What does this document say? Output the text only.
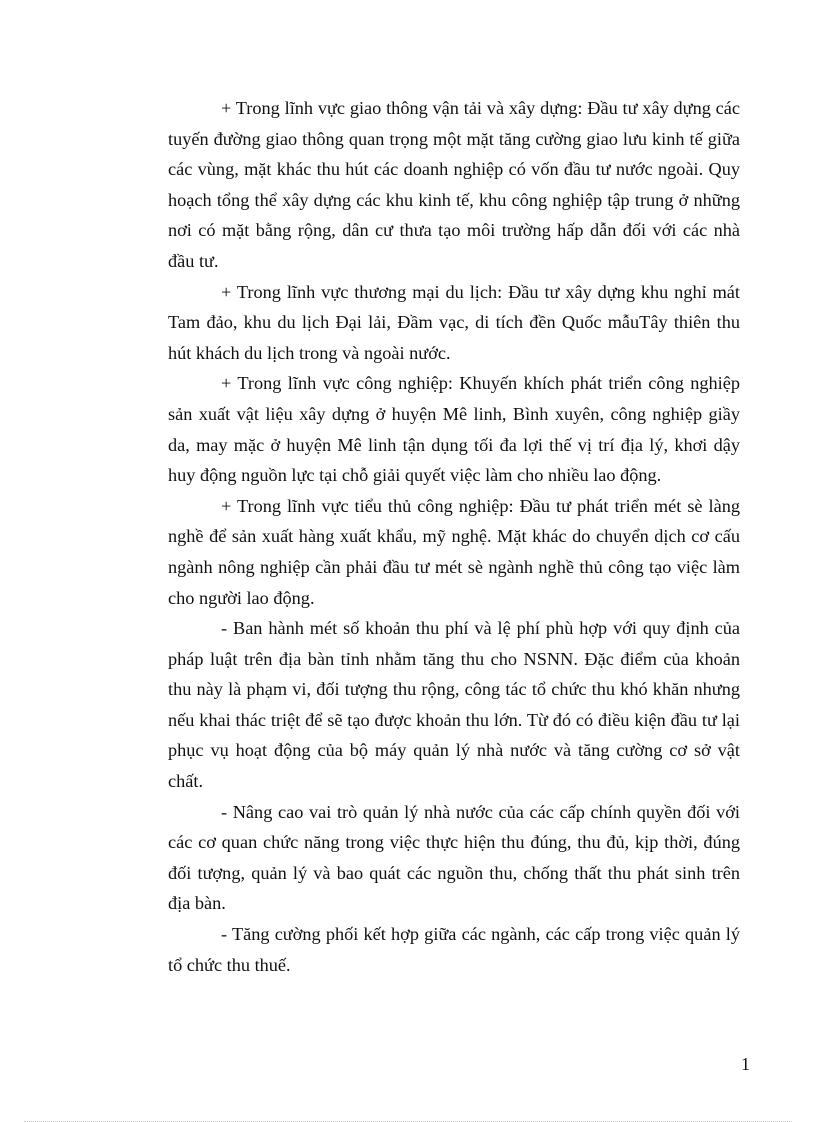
+ Trong lĩnh vực giao thông vận tải và xây dựng: Đầu tư xây dựng các tuyến đường giao thông quan trọng một mặt tăng cường giao lưu kinh tế giữa các vùng, mặt khác thu hút các doanh nghiệp có vốn đầu tư nước ngoài. Quy hoạch tổng thể xây dựng các khu kinh tế, khu công nghiệp tập trung ở những nơi có mặt bằng rộng, dân cư thưa tạo môi trường hấp dẫn đối với các nhà đầu tư.

+ Trong lĩnh vực thương mại du lịch: Đầu tư xây dựng khu nghỉ mát Tam đảo, khu du lịch Đại lải, Đầm vạc, di tích đền Quốc mẫuTây thiên thu hút khách du lịch trong và ngoài nước.

+ Trong lĩnh vực công nghiệp: Khuyến khích phát triển công nghiệp sản xuất vật liệu xây dựng ở huyện Mê linh, Bình xuyên, công nghiệp giầy da, may mặc ở huyện Mê linh tận dụng tối đa lợi thế vị trí địa lý, khơi dậy huy động nguồn lực tại chỗ giải quyết việc làm cho nhiều lao động.

+ Trong lĩnh vực tiểu thủ công nghiệp: Đầu tư phát triển mét sè làng nghề để sản xuất hàng xuất khẩu, mỹ nghệ. Mặt khác do chuyển dịch cơ cấu ngành nông nghiệp cần phải đầu tư mét sè ngành nghề thủ công tạo việc làm cho người lao động.

- Ban hành mét số khoản thu phí và lệ phí phù hợp với quy định của pháp luật trên địa bàn tỉnh nhằm tăng thu cho NSNN. Đặc điểm của khoản thu này là phạm vi, đối tượng thu rộng, công tác tổ chức thu khó khăn nhưng nếu khai thác triệt để sẽ tạo được khoản thu lớn. Từ đó có điều kiện đầu tư lại phục vụ hoạt động của bộ máy quản lý nhà nước và tăng cường cơ sở vật chất.

- Nâng cao vai trò quản lý nhà nước của các cấp chính quyền đối với các cơ quan chức năng trong việc thực hiện thu đúng, thu đủ, kịp thời, đúng đối tượng, quản lý và bao quát các nguồn thu, chống thất thu phát sinh trên địa bàn.

- Tăng cường phối kết hợp giữa các ngành, các cấp trong việc quản lý tổ chức thu thuế.

1
